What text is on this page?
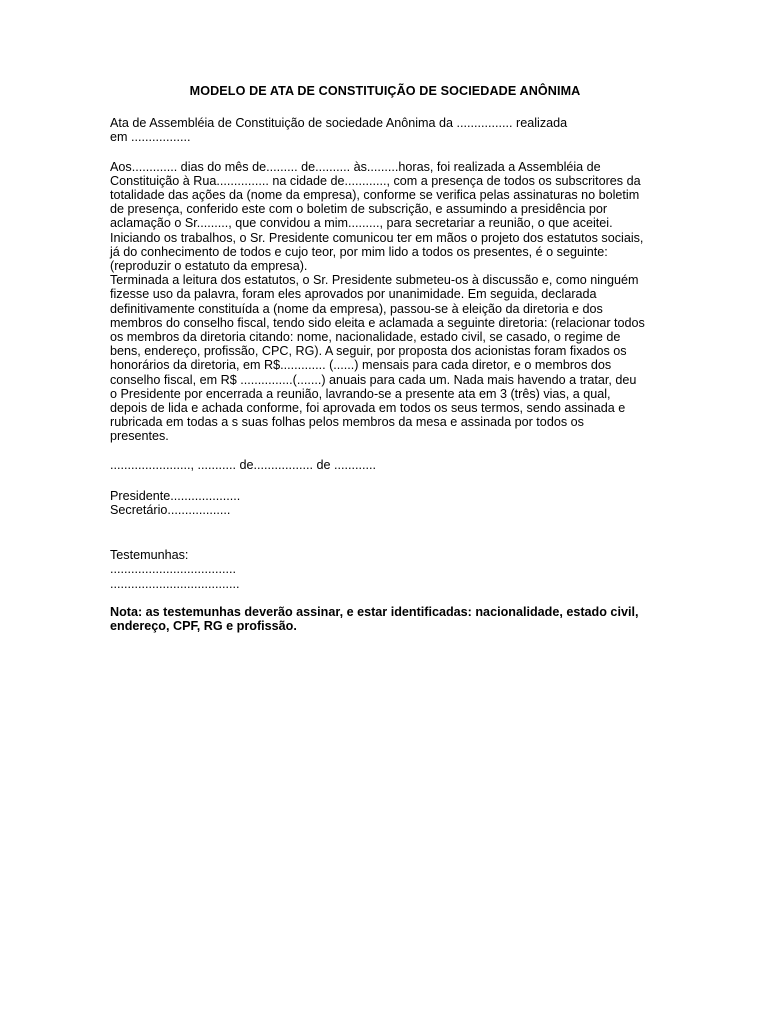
MODELO DE ATA DE CONSTITUIÇÃO DE SOCIEDADE ANÔNIMA

Ata de Assembléia de Constituição de sociedade Anônima da ................ realizada

em .................

Aos............. dias do mês de......... de.......... às.........horas, foi realizada a Assembléia de

Constituição à Rua............... na cidade de............, com a presença de todos os subscritores da

totalidade das ações da (nome da empresa), conforme se verifica pelas assinaturas no boletim

de presença, conferido este com o boletim de subscrição, e assumindo a presidência por

aclamação o Sr........., que convidou a mim........., para secretariar a reunião, o que aceitei.

Iniciando os trabalhos, o Sr. Presidente comunicou ter em mãos o projeto dos estatutos sociais,

já do conhecimento de todos e cujo teor, por mim lido a todos os presentes, é o seguinte:

(reproduzir o estatuto da empresa).

Terminada a leitura dos estatutos, o Sr. Presidente submeteu-os à discussão e, como ninguém

fizesse uso da palavra, foram eles aprovados por unanimidade. Em seguida, declarada

definitivamente constituída a (nome da empresa), passou-se à eleição da diretoria e dos

membros do conselho fiscal, tendo sido eleita e aclamada a seguinte diretoria: (relacionar todos

os membros da diretoria citando: nome, nacionalidade, estado civil, se casado, o regime de

bens, endereço, profissão, CPC, RG). A seguir, por proposta dos acionistas foram fixados os

honorários da diretoria, em R$............. (......) mensais para cada diretor, e o membros dos

conselho fiscal, em R$ ...............(.......) anuais para cada um. Nada mais havendo a tratar, deu

o Presidente por encerrada a reunião, lavrando-se a presente ata em 3 (três) vias, a qual,

depois de lida e achada conforme, foi aprovada em todos os seus termos, sendo assinada e

rubricada em todas a s suas folhas pelos membros da mesa e assinada por todos os

presentes.

......................., ........... de................. de ............

Presidente....................

Secretário..................

Testemunhas:

....................................

.....................................

Nota: as testemunhas deverão assinar, e estar identificadas: nacionalidade, estado civil,

endereço, CPF, RG e profissão.
